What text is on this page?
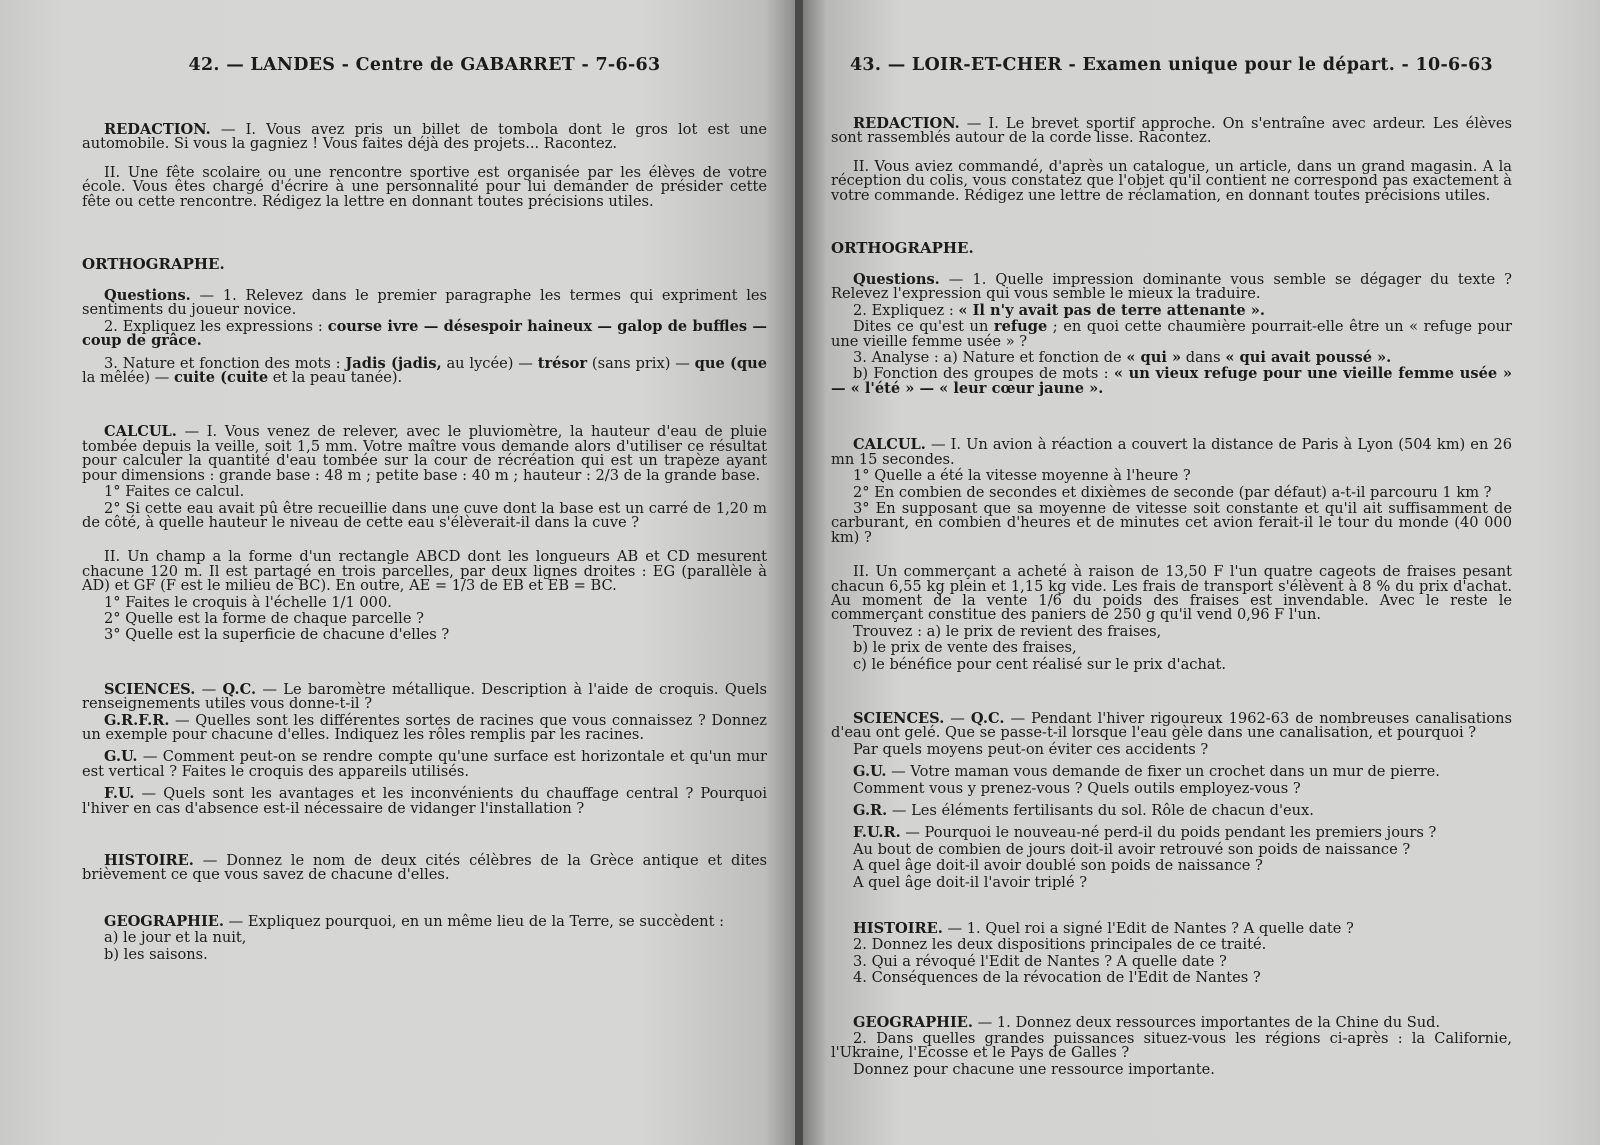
42. — LANDES - Centre de GABARRET - 7-6-63

REDACTION. — I. Vous avez pris un billet de tombola dont le gros lot est une automobile. Si vous la gagniez ! Vous faites déjà des projets... Racontez.

II. Une fête scolaire ou une rencontre sportive est organisée par les élèves de votre école. Vous êtes chargé d'écrire à une personnalité pour lui demander de présider cette fête ou cette rencontre. Rédigez la lettre en donnant toutes précisions utiles.

ORTHOGRAPHE.

Questions. — 1. Relevez dans le premier paragraphe les termes qui expriment les sentiments du joueur novice.

2. Expliquez les expressions : course ivre — désespoir haineux — galop de buffles — coup de grâce.

3. Nature et fonction des mots : Jadis (jadis, au lycée) — trésor (sans prix) — que (que la mêlée) — cuite (cuite et la peau tanée).

CALCUL. — I. Vous venez de relever, avec le pluviomètre, la hauteur d'eau de pluie tombée depuis la veille, soit 1,5 mm. Votre maître vous demande alors d'utiliser ce résultat pour calculer la quantité d'eau tombée sur la cour de récréation qui est un trapèze ayant pour dimensions : grande base : 48 m ; petite base : 40 m ; hauteur : 2/3 de la grande base.

1° Faites ce calcul.

2° Si cette eau avait pû être recueillie dans une cuve dont la base est un carré de 1,20 m de côté, à quelle hauteur le niveau de cette eau s'élèverait-il dans la cuve ?

II. Un champ a la forme d'un rectangle ABCD dont les longueurs AB et CD mesurent chacune 120 m. Il est partagé en trois parcelles, par deux lignes droites : EG (parallèle à AD) et GF (F est le milieu de BC). En outre, AE = 1/3 de EB et EB = BC.

1° Faites le croquis à l'échelle 1/1 000.

2° Quelle est la forme de chaque parcelle ?

3° Quelle est la superficie de chacune d'elles ?

SCIENCES. — Q.C. — Le baromètre métallique. Description à l'aide de croquis. Quels renseignements utiles vous donne-t-il ?

G.R.F.R. — Quelles sont les différentes sortes de racines que vous connaissez ? Donnez un exemple pour chacune d'elles. Indiquez les rôles remplis par les racines.

G.U. — Comment peut-on se rendre compte qu'une surface est horizontale et qu'un mur est vertical ? Faites le croquis des appareils utilisés.

F.U. — Quels sont les avantages et les inconvénients du chauffage central ? Pourquoi l'hiver en cas d'absence est-il nécessaire de vidanger l'installation ?

HISTOIRE. — Donnez le nom de deux cités célèbres de la Grèce antique et dites brièvement ce que vous savez de chacune d'elles.

GEOGRAPHIE. — Expliquez pourquoi, en un même lieu de la Terre, se succèdent :

a) le jour et la nuit,

b) les saisons.

43. — LOIR-ET-CHER - Examen unique pour le départ. - 10-6-63

REDACTION. — I. Le brevet sportif approche. On s'entraîne avec ardeur. Les élèves sont rassemblés autour de la corde lisse. Racontez.

II. Vous aviez commandé, d'après un catalogue, un article, dans un grand magasin. A la réception du colis, vous constatez que l'objet qu'il contient ne correspond pas exactement à votre commande. Rédigez une lettre de réclamation, en donnant toutes précisions utiles.

ORTHOGRAPHE.

Questions. — 1. Quelle impression dominante vous semble se dégager du texte ? Relevez l'expression qui vous semble le mieux la traduire.

2. Expliquez : « Il n'y avait pas de terre attenante ».

Dites ce qu'est un refuge ; en quoi cette chaumière pourrait-elle être un « refuge pour une vieille femme usée » ?

3. Analyse : a) Nature et fonction de « qui » dans « qui avait poussé ».

b) Fonction des groupes de mots : « un vieux refuge pour une vieille femme usée » — « l'été » — « leur cœur jaune ».

CALCUL. — I. Un avion à réaction a couvert la distance de Paris à Lyon (504 km) en 26 mn 15 secondes.

1° Quelle a été la vitesse moyenne à l'heure ?

2° En combien de secondes et dixièmes de seconde (par défaut) a-t-il parcouru 1 km ?

3° En supposant que sa moyenne de vitesse soit constante et qu'il ait suffisamment de carburant, en combien d'heures et de minutes cet avion ferait-il le tour du monde (40 000 km) ?

II. Un commerçant a acheté à raison de 13,50 F l'un quatre cageots de fraises pesant chacun 6,55 kg plein et 1,15 kg vide. Les frais de transport s'élèvent à 8 % du prix d'achat. Au moment de la vente 1/6 du poids des fraises est invendable. Avec le reste le commerçant constitue des paniers de 250 g qu'il vend 0,96 F l'un.

Trouvez : a) le prix de revient des fraises,

b) le prix de vente des fraises,

c) le bénéfice pour cent réalisé sur le prix d'achat.

SCIENCES. — Q.C. — Pendant l'hiver rigoureux 1962-63 de nombreuses canalisations d'eau ont gelé. Que se passe-t-il lorsque l'eau gèle dans une canalisation, et pourquoi ?

Par quels moyens peut-on éviter ces accidents ?

G.U. — Votre maman vous demande de fixer un crochet dans un mur de pierre.

Comment vous y prenez-vous ? Quels outils employez-vous ?

G.R. — Les éléments fertilisants du sol. Rôle de chacun d'eux.

F.U.R. — Pourquoi le nouveau-né perd-il du poids pendant les premiers jours ?

Au bout de combien de jours doit-il avoir retrouvé son poids de naissance ?

A quel âge doit-il avoir doublé son poids de naissance ?

A quel âge doit-il l'avoir triplé ?

HISTOIRE. — 1. Quel roi a signé l'Edit de Nantes ? A quelle date ?

2. Donnez les deux dispositions principales de ce traité.

3. Qui a révoqué l'Edit de Nantes ? A quelle date ?

4. Conséquences de la révocation de l'Edit de Nantes ?

GEOGRAPHIE. — 1. Donnez deux ressources importantes de la Chine du Sud.

2. Dans quelles grandes puissances situez-vous les régions ci-après : la Californie, l'Ukraine, l'Ecosse et le Pays de Galles ?

Donnez pour chacune une ressource importante.
